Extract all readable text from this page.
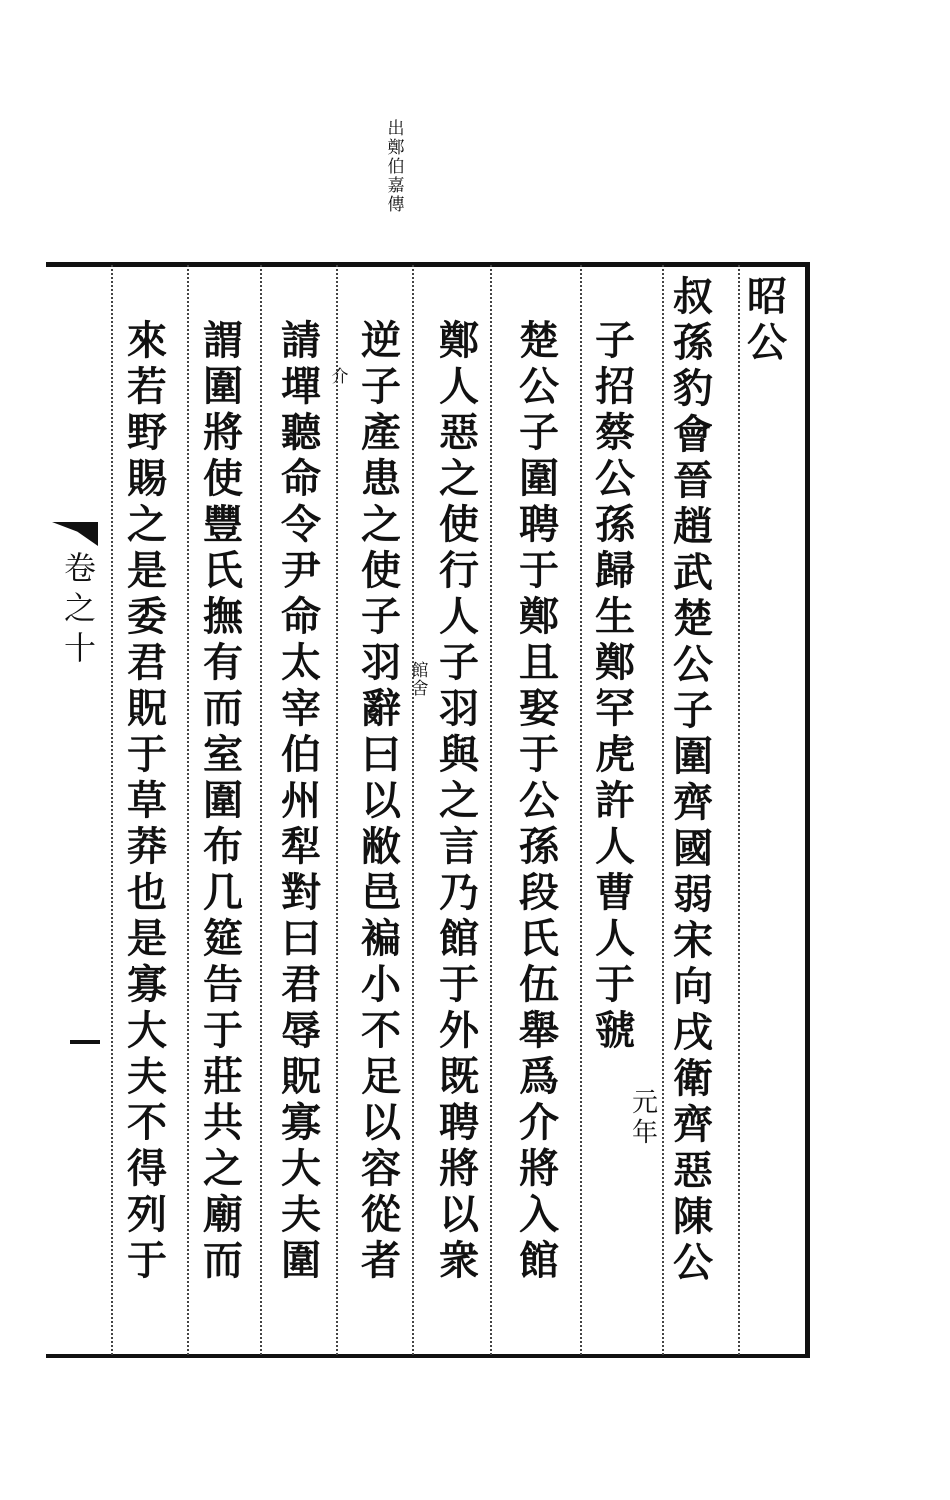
出鄭伯嘉傳
卷之十
昭公
叔孫豹會晉趙武楚公子圍齊國弱宋向戌衛齊惡陳公
子招蔡公孫歸生鄭罕虎許人曹人于虢
元年
楚公子圍聘于鄭且娶于公孫段氏伍舉爲介將入館
鄭人惡之使行人子羽與之言乃館于外既聘將以衆
館舍
逆子產患之使子羽辭曰以敝邑褊小不足以容從者
介
請墠聽命令尹命太宰伯州犁對曰君辱貺寡大夫圍
謂圍將使豐氏撫有而室圍布几筵告于莊共之廟而
來若野賜之是委君貺于草莽也是寡大夫不得列于
